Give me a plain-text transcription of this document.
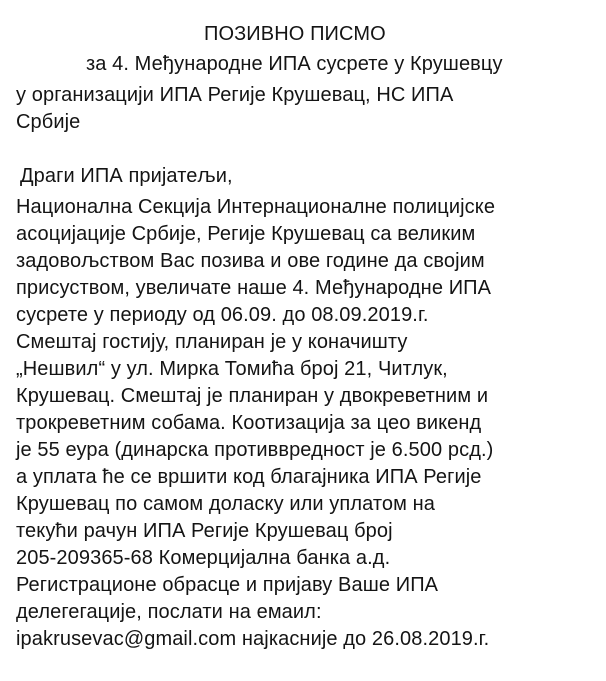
ПОЗИВНО ПИСМО
за 4. Међународне ИПА сусрете у Крушевцу
у организацији ИПА Регије Крушевац, НС ИПА
Србије
Драги ИПА пријатељи,
Национална Секција Интернационалне полицијске
асоцијације Србије, Регије Крушевац са великим
задовољством Вас позива и ове године да својим
присуством, увеличате наше 4. Међународне ИПА
сусрете у периоду од 06.09. до 08.09.2019.г.
Смештај гостију, планиран је у коначишту
„Нешвил“ у ул. Мирка Томића број 21, Читлук,
Крушевац. Смештај је планиран у двокреветним и
трокреветним собама. Коотизација за цео викенд
је 55 еура (динарска противвредност је 6.500 рсд.)
а уплата ће се вршити код благајника ИПА Регије
Крушевац по самом доласку или уплатом на
текући рачун ИПА Регије Крушевац број
205-209365-68 Комерцијална банка а.д.
Регистрационе обрасце и пријаву Ваше ИПА
делегегације, послати на емаил:
ipakrusevac@gmail.com најкасније до 26.08.2019.г.
